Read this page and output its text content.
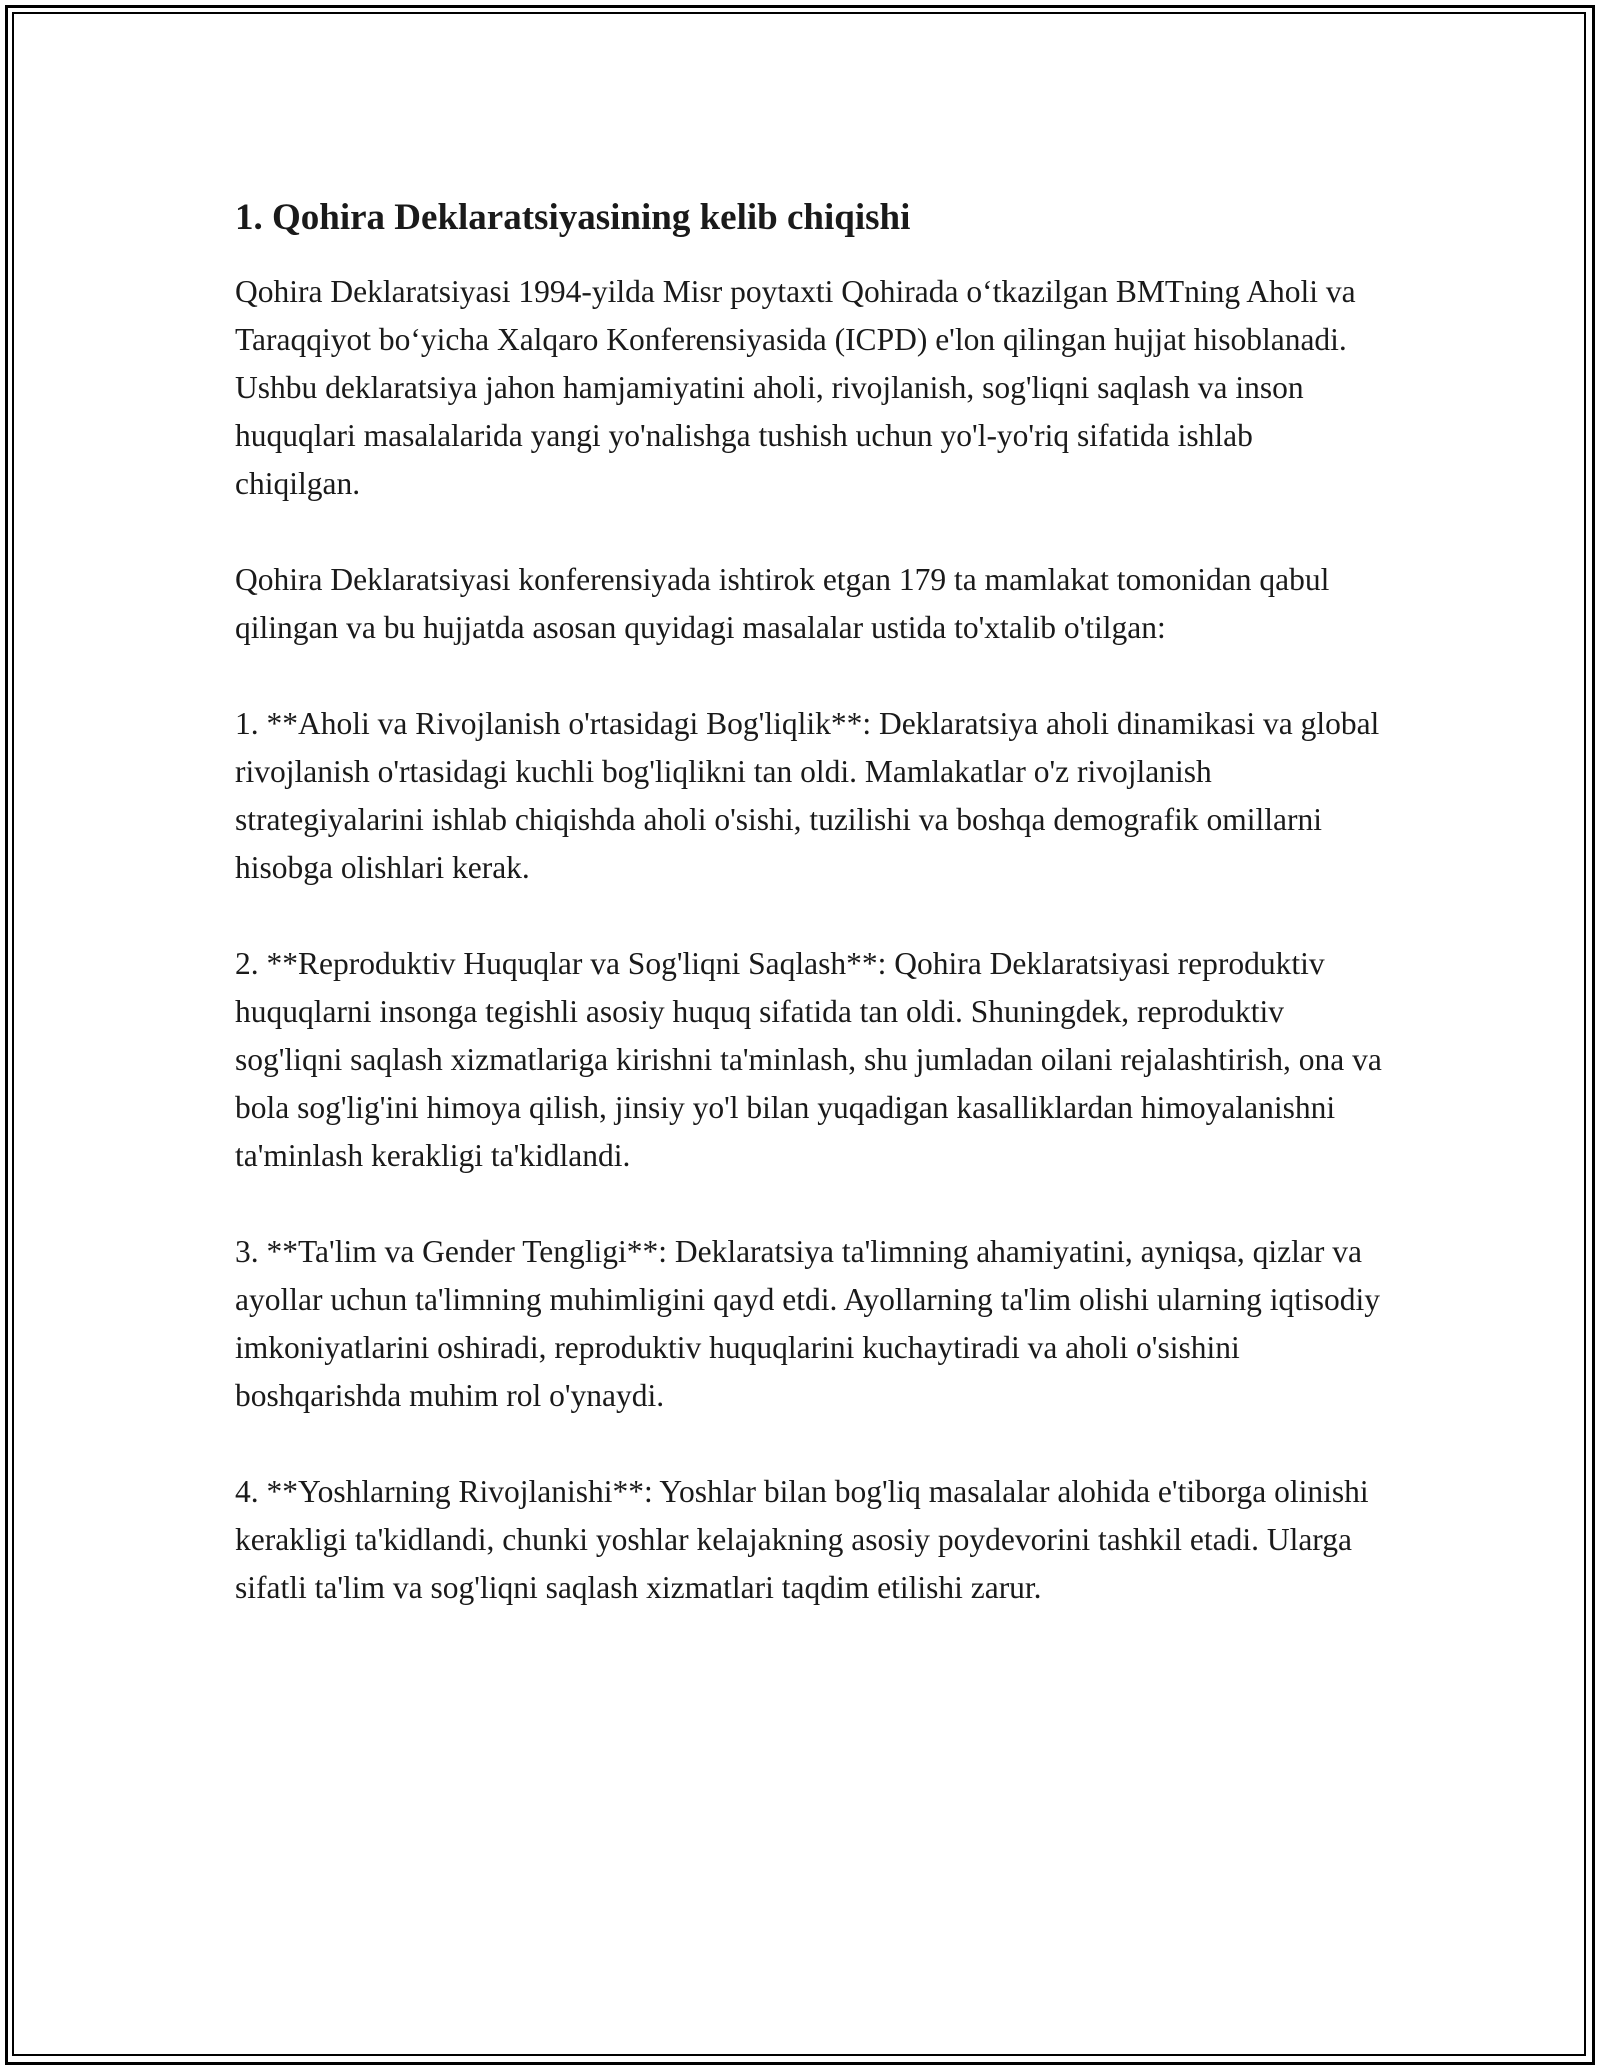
1. Qohira Deklaratsiyasining kelib chiqishi

Qohira Deklaratsiyasi 1994-yilda Misr poytaxti Qohirada o‘tkazilgan BMTning Aholi va Taraqqiyot bo‘yicha Xalqaro Konferensiyasida (ICPD) e'lon qilingan hujjat hisoblanadi. Ushbu deklaratsiya jahon hamjamiyatini aholi, rivojlanish, sog'liqni saqlash va inson huquqlari masalalarida yangi yo'nalishga tushish uchun yo'l-yo'riq sifatida ishlab chiqilgan.

Qohira Deklaratsiyasi konferensiyada ishtirok etgan 179 ta mamlakat tomonidan qabul qilingan va bu hujjatda asosan quyidagi masalalar ustida to'xtalib o'tilgan:

1. **Aholi va Rivojlanish o'rtasidagi Bog'liqlik**: Deklaratsiya aholi dinamikasi va global rivojlanish o'rtasidagi kuchli bog'liqlikni tan oldi. Mamlakatlar o'z rivojlanish strategiyalarini ishlab chiqishda aholi o'sishi, tuzilishi va boshqa demografik omillarni hisobga olishlari kerak.

2. **Reproduktiv Huquqlar va Sog'liqni Saqlash**: Qohira Deklaratsiyasi reproduktiv huquqlarni insonga tegishli asosiy huquq sifatida tan oldi. Shuningdek, reproduktiv sog'liqni saqlash xizmatlariga kirishni ta'minlash, shu jumladan oilani rejalashtirish, ona va bola sog'lig'ini himoya qilish, jinsiy yo'l bilan yuqadigan kasalliklardan himoyalanishni ta'minlash kerakligi ta'kidlandi.

3. **Ta'lim va Gender Tengligi**: Deklaratsiya ta'limning ahamiyatini, ayniqsa, qizlar va ayollar uchun ta'limning muhimligini qayd etdi. Ayollarning ta'lim olishi ularning iqtisodiy imkoniyatlarini oshiradi, reproduktiv huquqlarini kuchaytiradi va aholi o'sishini boshqarishda muhim rol o'ynaydi.

4. **Yoshlarning Rivojlanishi**: Yoshlar bilan bog'liq masalalar alohida e'tiborga olinishi kerakligi ta'kidlandi, chunki yoshlar kelajakning asosiy poydevorini tashkil etadi. Ularga sifatli ta'lim va sog'liqni saqlash xizmatlari taqdim etilishi zarur.
